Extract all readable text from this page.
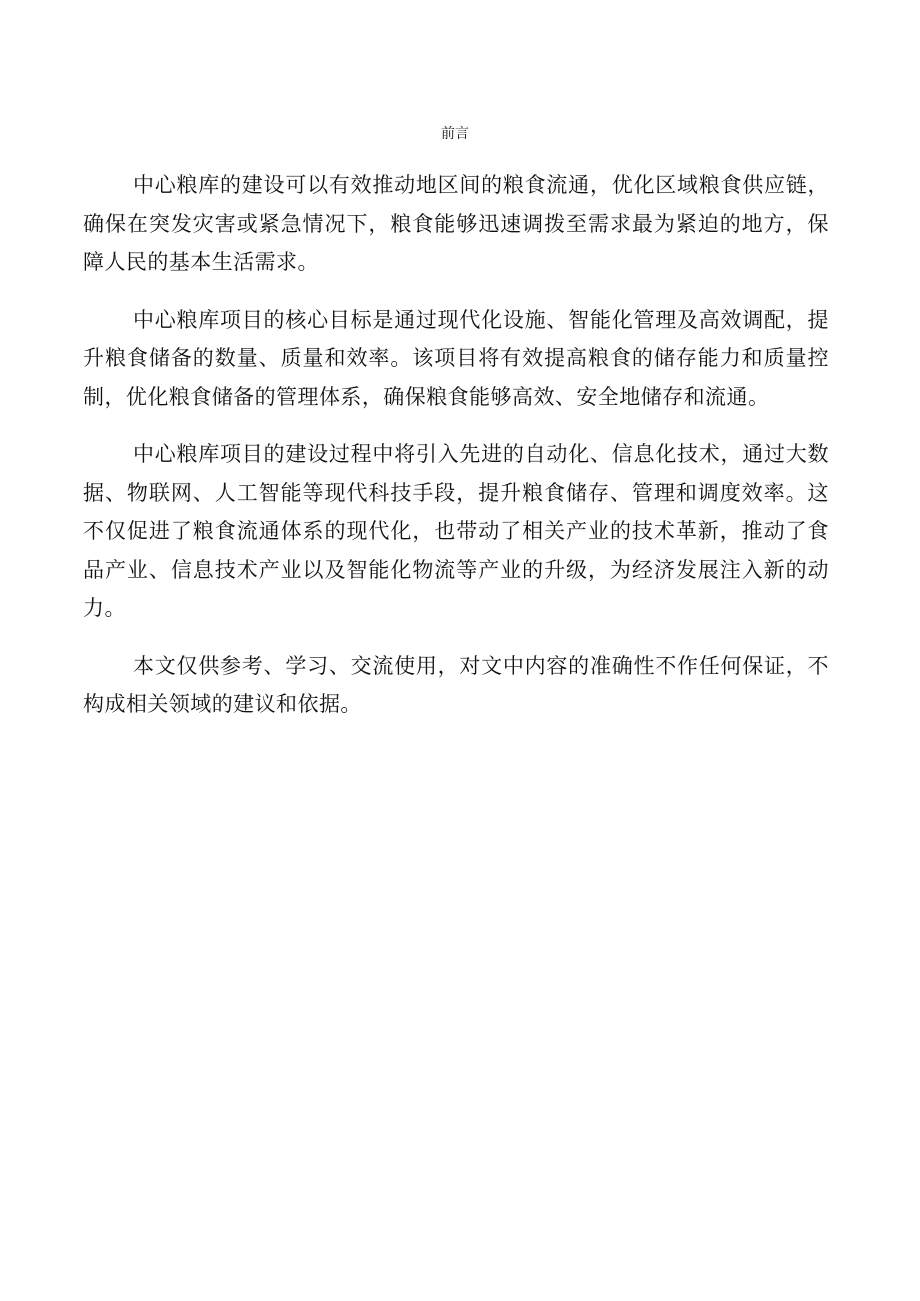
前言

中心粮库的建设可以有效推动地区间的粮食流通，优化区域粮食供应链，确保在突发灾害或紧急情况下，粮食能够迅速调拨至需求最为紧迫的地方，保障人民的基本生活需求。

中心粮库项目的核心目标是通过现代化设施、智能化管理及高效调配，提升粮食储备的数量、质量和效率。该项目将有效提高粮食的储存能力和质量控制，优化粮食储备的管理体系，确保粮食能够高效、安全地储存和流通。

中心粮库项目的建设过程中将引入先进的自动化、信息化技术，通过大数据、物联网、人工智能等现代科技手段，提升粮食储存、管理和调度效率。这不仅促进了粮食流通体系的现代化，也带动了相关产业的技术革新，推动了食品产业、信息技术产业以及智能化物流等产业的升级，为经济发展注入新的动力。

本文仅供参考、学习、交流使用，对文中内容的准确性不作任何保证，不构成相关领域的建议和依据。
